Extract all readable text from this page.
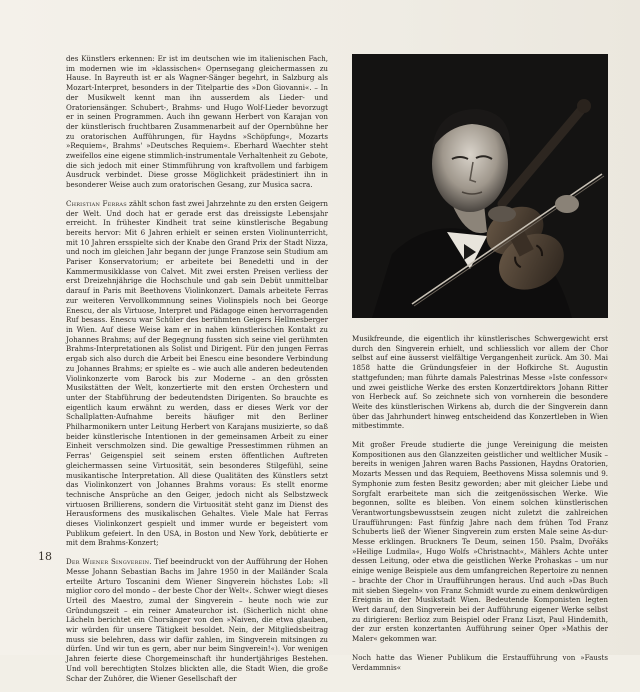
des Künstlers erkennen: Er ist im deutschen wie im italienischen Fach, im modernen wie im »klassischen« Opernsegang gleichermassen zu Hause. In Bayreuth ist er als Wagner-Sänger begehrt, in Salzburg als Mozart-Interpret, besonders in der Titelpartie des »Don Giovanni«. – In der Musikwelt kennt man ihn ausserdem als Lieder- und Oratoriensänger. Schubert-, Brahms- und Hugo Wolf-Lieder bevorzugt er in seinen Programmen. Auch ihn gewann Herbert von Karajan von der künstlerisch fruchtbaren Zusammenarbeit auf der Opernbühne her zu oratorischen Aufführungen, für Haydns »Schöpfung«, Mozarts »Requiem«, Brahms' »Deutsches Requiem«. Eberhard Waechter steht zweifellos eine eigene stimmlich-instrumentale Verhaltenheit zu Gebote, die sich jedoch mit einer Stimmführung von kraftvollem und farbigem Ausdruck verbindet. Diese grosse Möglichkeit prädestiniert ihn in besonderer Weise auch zum oratorischen Gesang, zur Musica sacra.

Christian Ferras zählt schon fast zwei Jahrzehnte zu den ersten Geigern der Welt. Und doch hat er gerade erst das dreissigste Lebensjahr erreicht. In frühester Kindheit trat seine künstlerische Begabung bereits hervor: Mit 6 Jahren erhielt er seinen ersten Violinunterricht, mit 10 Jahren ersspielte sich der Knabe den Grand Prix der Stadt Nizza, und noch im gleichen Jahr begann der junge Franzose sein Studium am Pariser Konservatorium; er arbeitete bei Benedetti und in der Kammermusikklasse von Calvet. Mit zwei ersten Preisen verliess der erst Dreizehnjährige die Hochschule und gab sein Debüt unmittelbar darauf in Paris mit Beethovens Violinkonzert. Damals arbeitete Ferras zur weiteren Vervollkommnung seines Violinspiels noch bei George Enescu, der als Virtuose, Interpret und Pädagoge einen hervorragenden Ruf besass. Enescu war Schüler des berühmten Geigers Hellmesberger in Wien. Auf diese Weise kam er in nahen künstlerischen Kontakt zu Johannes Brahms; auf der Begegnung fussten sich seine viel gerühmten Brahms-Interpretationen als Solist und Dirigent. Für den jungen Ferras ergab sich also durch die Arbeit bei Enescu eine besondere Verbindung zu Johannes Brahms; er spielte es – wie auch alle anderen bedeutenden Violinkonzerte vom Barock bis zur Moderne – an den grössten Musikstätten der Welt, konzertierte mit den ersten Orchestern und unter der Stabführung der bedeutendsten Dirigenten. So brauchte es eigentlich kaum erwähnt zu werden, dass er dieses Werk vor der Schallplatten-Aufnahme bereits häufiger mit den Berliner Philharmonikern unter Leitung Herbert von Karajans musizierte, so daß beider künstlerische Intentionen in der gemeinsamen Arbeit zu einer Einheit verschmolzen sind. Die gewaltige Pressestimmen rühmen an Ferras' Geigenspiel seit seinem ersten öffentlichen Auftreten gleichermassen seine Virtuosität, sein besonderes Stilgefühl, seine musikantische Interpretation. All diese Qualitäten des Künstlers setzt das Violinkonzert von Johannes Brahms voraus: Es stellt enorme technische Ansprüche an den Geiger, jedoch nicht als Selbstzweck virtuosen Brillierens, sondern die Virtuosität steht ganz im Dienst des Herausformens des musikalischen Gehaltes. Viele Male hat Ferras dieses Violinkonzert gespielt und immer wurde er begeistert vom Publikum gefeiert. In den USA, in Boston und New York, debütierte er mit dem Brahms-Konzert;

Der Wiener Singverein. Tief beeindruckt von der Aufführung der Hohen Messe Johann Sebastian Bachs im Jahre 1950 in der Mailänder Scala erteilte Arturo Toscanini dem Wiener Singverein höchstes Lob: »Il miglior coro del mondo – der beste Chor der Welt«. Schwer wiegt dieses Urteil des Maestro, zumal der Singverein – heute noch wie zur Gründungszeit – ein reiner Amateurchor ist. (Sicherlich nicht ohne Lächeln berichtet ein Chorsänger von den »Naiven, die etwa glauben, wir würden für unsere Tätigkeit besoldet. Nein, der Mitgliedsbeitrag muss sie belehren, dass wir dafür zahlen, im Singverein mitsingen zu dürfen. Und wir tun es gern, aber nur beim Singverein!«). Vor wenigen Jahren feierte diese Chorgemeinschaft ihr hundertjähriges Bestehen. Und voll berechtigten Stolzes blickten alle, die Stadt Wien, die große Schar der Zuhörer, die Wiener Gesellschaft der

18

Musikfreunde, die eigentlich ihr künstlerisches Schwergewicht erst durch den Singverein erhielt, und schliesslich vor allem der Chor selbst auf eine äusserst vielfältige Vergangenheit zurück. Am 30. Mai 1858 hatte die Gründungsfeier in der Hofkirche St. Augustin stattgefunden; man führte damals Palestrinas Messe »Iste confessor« und zwei geistliche Werke des ersten Konzertdirektors Johann Ritter von Herbeck auf. So zeichnete sich von vornherein die besondere Weite des künstlerischen Wirkens ab, durch die der Singverein dann über das Jahrhundert hinweg entscheidend das Konzertleben in Wien mitbestimmte.

Mit großer Freude studierte die junge Vereinigung die meisten Kompositionen aus den Glanzzeiten geistlicher und weltlicher Musik – bereits in wenigen Jahren waren Bachs Passionen, Haydns Oratorien, Mozarts Messen und das Requiem, Beethovens Missa solemnis und 9. Symphonie zum festen Besitz geworden; aber mit gleicher Liebe und Sorgfalt erarbeitete man sich die zeitgenössischen Werke. Wie begonnen, sollte es bleiben. Von einem solchen künstlerischen Verantwortungsbewusstsein zeugen nicht zuletzt die zahlreichen Uraufführungen: Fast fünfzig Jahre nach dem frühen Tod Franz Schuberts ließ der Wiener Singverein zum ersten Male seine As-dur-Messe erklingen. Bruckners Te Deum, seinen 150. Psalm, Dvořáks »Heilige Ludmila«, Hugo Wolfs »Christnacht«, Mählers Achte unter dessen Leitung, oder etwa die geistlichen Werke Prohaskas – um nur einige wenige Beispiele aus dem umfangreichen Repertoire zu nennen – brachte der Chor in Uraufführungen heraus. Und auch »Das Buch mit sieben Siegeln« von Franz Schmidt wurde zu einem denkwürdigen Ereignis in der Musikstadt Wien. Bedeutende Komponisten legten Wert darauf, den Singverein bei der Aufführung eigener Werke selbst zu dirigieren: Berlioz zum Beispiel oder Franz Liszt, Paul Hindemith, der zur ersten konzertanten Aufführung seiner Oper »Mathis der Maler« gekommen war.

Noch hatte das Wiener Publikum die Erstaufführung von »Fausts Verdammnis«
